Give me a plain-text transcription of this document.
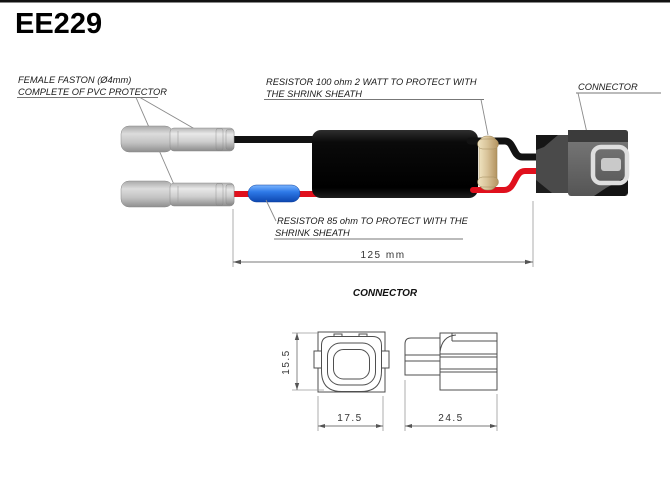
EE229
FEMALE FASTON (Ø4mm)
COMPLETE OF PVC PROTECTOR
RESISTOR 100 ohm 2 WATT TO PROTECT WITH
THE SHRINK SHEATH
CONNECTOR
RESISTOR 85 ohm TO PROTECT WITH THE
SHRINK SHEATH
125 mm
CONNECTOR
15.5
17.5	24.5
